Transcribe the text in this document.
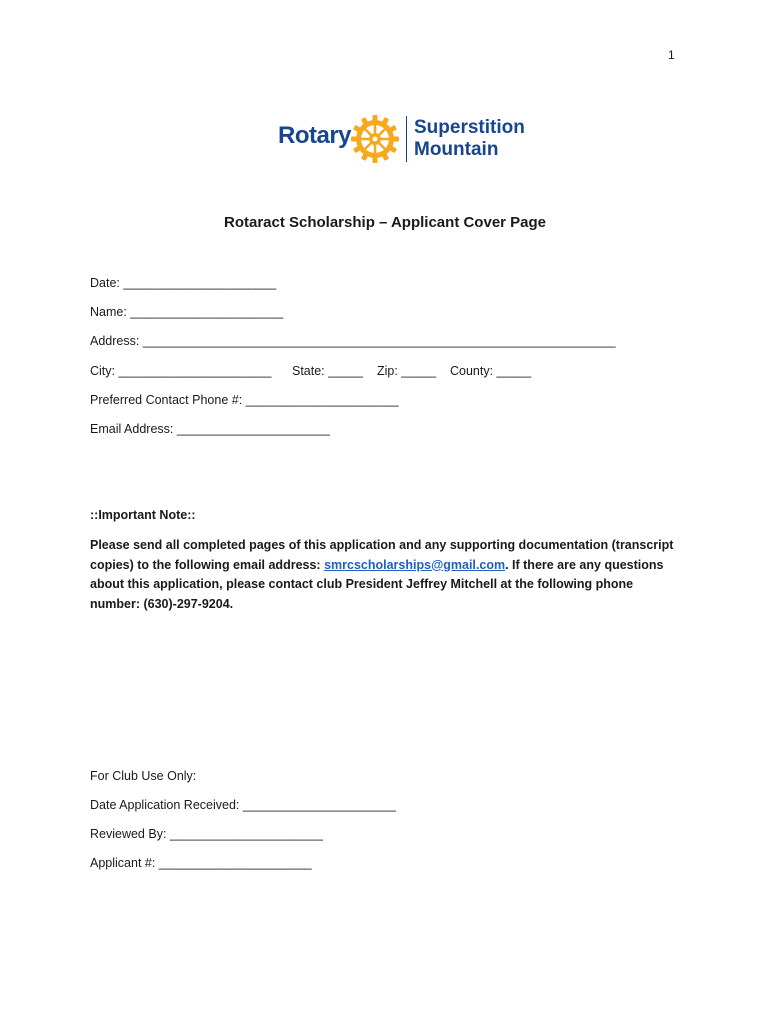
1
Rotary	Superstition
Mountain
Rotaract Scholarship – Applicant Cover Page
Date: ______________________
Name: ______________________
Address: ____________________________________________________________________
City: ______________________ State: _____ Zip: _____ County: _____
Preferred Contact Phone #: ______________________
Email Address: ______________________
::Important Note::
Please send all completed pages of this application and any supporting documentation (transcript copies) to the following email address: smrcscholarships@gmail.com. If there are any questions about this application, please contact club President Jeffrey Mitchell at the following phone number: (630)-297-9204.
For Club Use Only:
Date Application Received: ______________________
Reviewed By: ______________________
Applicant #: ______________________
